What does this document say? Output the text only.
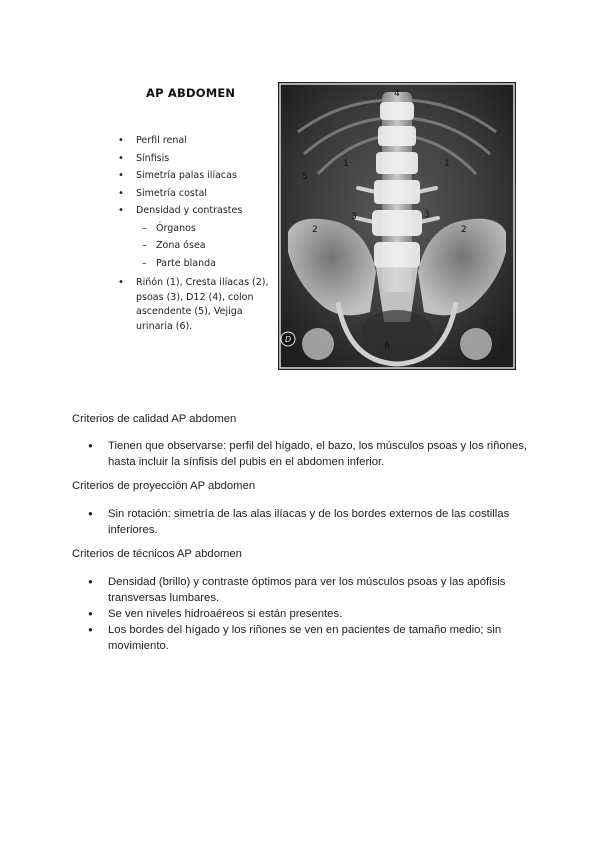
AP ABDOMEN
• Perfil renal
• Sínfisis
• Simetría palas ilíacas
• Simetría costal
• Densidad y contrastes
– Órganos
– Zona ósea
– Parte blanda
• Riñón (1), Cresta ilíacas (2), psoas (3), D12 (4), colon ascendente (5), Vejiga urinaria (6).
D
4
1	1
5
3	3
2	2
6
Criterios de calidad AP abdomen
● Tienen que observarse: perfil del hígado, el bazo, los músculos psoas y los riñones, hasta incluir la sínfisis del pubis en el abdomen inferior.
Criterios de proyección AP abdomen
● Sin rotación: simetría de las alas ilíacas y de los bordes externos de las costillas inferiores.
Criterios de técnicos AP abdomen
● Densidad (brillo) y contraste óptimos para ver los músculos psoas y las apófisis transversas lumbares.
● Se ven niveles hidroaéreos si están presentes.
● Los bordes del hígado y los riñones se ven en pacientes de tamaño medio; sin movimiento.
